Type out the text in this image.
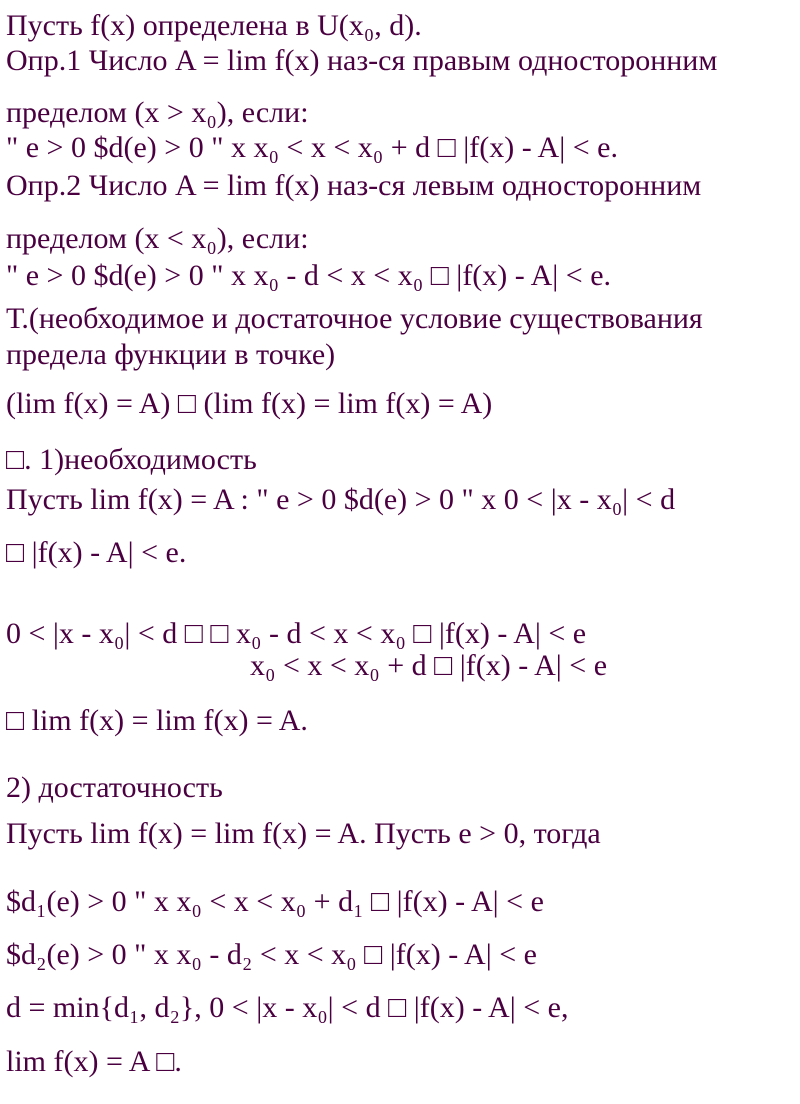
Пусть f(x) определена в U(x₀, d).
Опр.1 Число A = lim f(x) наз-ся правым односторонним
пределом (x > x₀), если:
" e > 0 $d(e) > 0 " x x₀ < x < x₀ + d □ |f(x) - A| < e.
Опр.2 Число A = lim f(x) наз-ся левым односторонним
пределом (x < x₀), если:
" e > 0 $d(e) > 0 " x x₀ - d < x < x₀ □ |f(x) - A| < e.
Т.(необходимое и достаточное условие существования
предела функции в точке)
(lim f(x) = A) □ (lim f(x) = lim f(x) = A)
□. 1)необходимость
Пусть lim f(x) = A : " e > 0 $d(e) > 0 " x 0 < |x - x₀| < d
□ |f(x) - A| < e.
0 < |x - x₀| < d □ □ x₀ - d < x < x₀ □ |f(x) - A| < e
x₀ < x < x₀ + d □ |f(x) - A| < e
□ lim f(x) = lim f(x) = A.
2) достаточность
Пусть lim f(x) = lim f(x) = A. Пусть e > 0, тогда
$d₁(e) > 0 " x x₀ < x < x₀ + d₁ □ |f(x) - A| < e
$d₂(e) > 0 " x x₀ - d₂ < x < x₀ □ |f(x) - A| < e
d = min{d₁, d₂}, 0 < |x - x₀| < d □ |f(x) - A| < e,
lim f(x) = A □.
